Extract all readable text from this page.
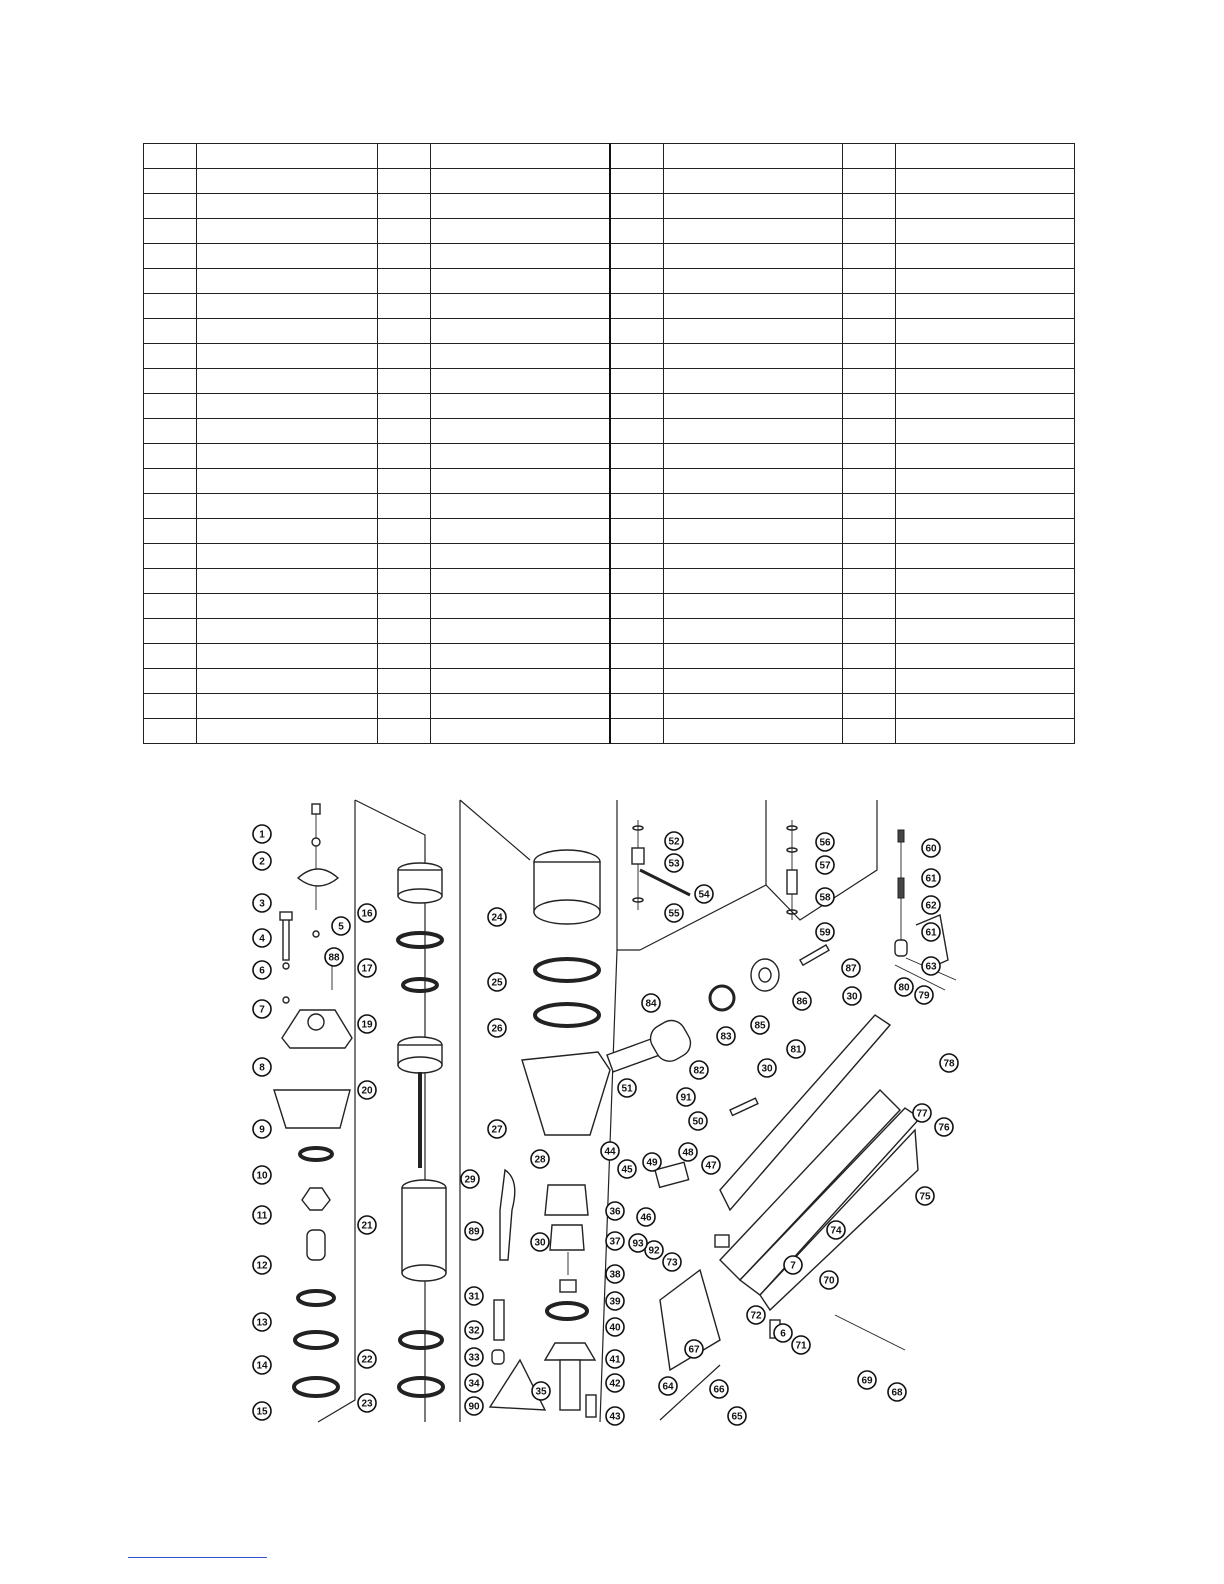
1
2
3
4
5
6
7
8
9
10
11
12
13
14
15
16
17
19
20
21
22
23
24
25
26
27
28
29
30
31
32
33
34
35
36
37
38
39
40
41
42
43
44
45
46
47
48
49
50
51
52
53
54
55
56
57
58
59
60
61
62
61
63
64
65
66
67
68
69
70
71
72
73
74
75
76
77
78
79
80
81
82
83
84
85
86
87
88
89
90
91
92
93
30
30
7
6
